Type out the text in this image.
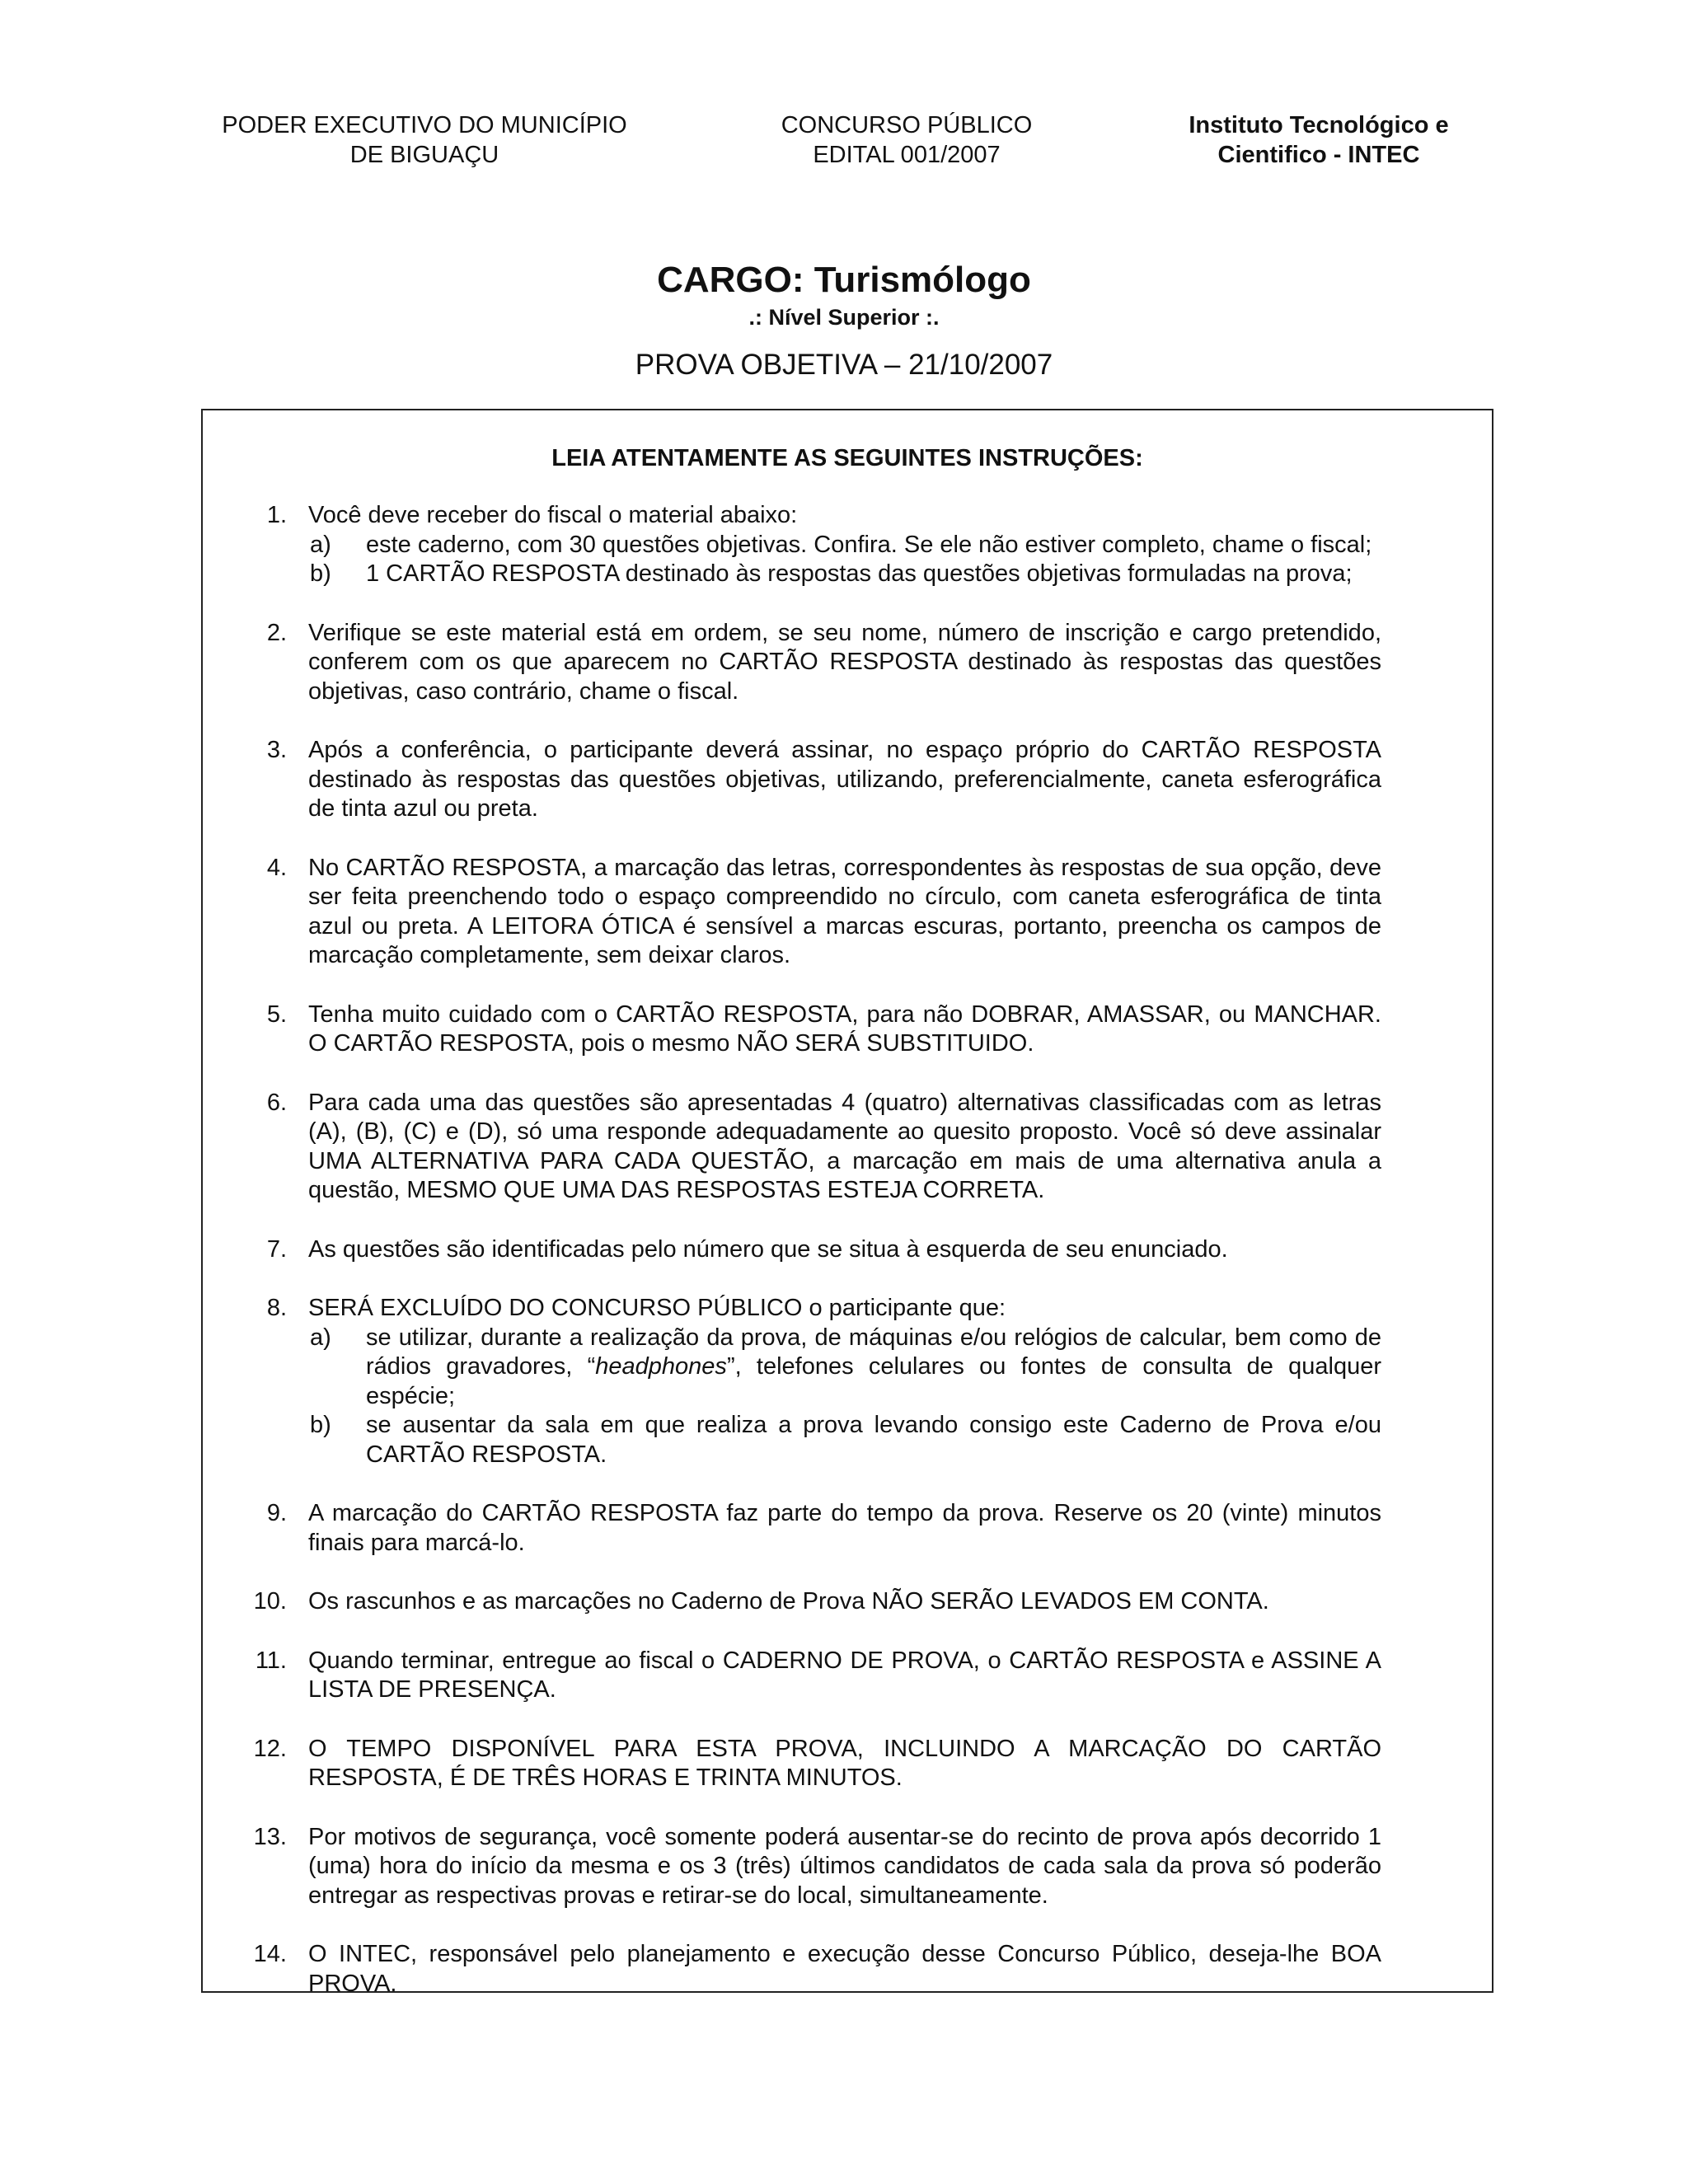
PODER EXECUTIVO DO MUNICÍPIO
DE BIGUAÇU
CONCURSO PÚBLICO
EDITAL 001/2007
Instituto Tecnológico e
Cientifico - INTEC
CARGO: Turismólogo
.: Nível Superior :.
PROVA OBJETIVA – 21/10/2007
LEIA ATENTAMENTE AS SEGUINTES INSTRUÇÕES:
1. Você deve receber do fiscal o material abaixo:
a) este caderno, com 30 questões objetivas. Confira. Se ele não estiver completo, chame o fiscal;
b) 1 CARTÃO RESPOSTA destinado às respostas das questões objetivas formuladas na prova;
2. Verifique se este material está em ordem, se seu nome, número de inscrição e cargo pretendido, conferem com os que aparecem no CARTÃO RESPOSTA destinado às respostas das questões objetivas, caso contrário, chame o fiscal.
3. Após a conferência, o participante deverá assinar, no espaço próprio do CARTÃO RESPOSTA destinado às respostas das questões objetivas, utilizando, preferencialmente, caneta esferográfica de tinta azul ou preta.
4. No CARTÃO RESPOSTA, a marcação das letras, correspondentes às respostas de sua opção, deve ser feita preenchendo todo o espaço compreendido no círculo, com caneta esferográfica de tinta azul ou preta. A LEITORA ÓTICA é sensível a marcas escuras, portanto, preencha os campos de marcação completamente, sem deixar claros.
5. Tenha muito cuidado com o CARTÃO RESPOSTA, para não DOBRAR, AMASSAR, ou MANCHAR. O CARTÃO RESPOSTA, pois o mesmo NÃO SERÁ SUBSTITUIDO.
6. Para cada uma das questões são apresentadas 4 (quatro) alternativas classificadas com as letras (A), (B), (C) e (D), só uma responde adequadamente ao quesito proposto. Você só deve assinalar UMA ALTERNATIVA PARA CADA QUESTÃO, a marcação em mais de uma alternativa anula a questão, MESMO QUE UMA DAS RESPOSTAS ESTEJA CORRETA.
7. As questões são identificadas pelo número que se situa à esquerda de seu enunciado.
8. SERÁ EXCLUÍDO DO CONCURSO PÚBLICO o participante que:
a) se utilizar, durante a realização da prova, de máquinas e/ou relógios de calcular, bem como de rádios gravadores, “headphones”, telefones celulares ou fontes de consulta de qualquer espécie;
b) se ausentar da sala em que realiza a prova levando consigo este Caderno de Prova e/ou CARTÃO RESPOSTA.
9. A marcação do CARTÃO RESPOSTA faz parte do tempo da prova. Reserve os 20 (vinte) minutos finais para marcá-lo.
10. Os rascunhos e as marcações no Caderno de Prova NÃO SERÃO LEVADOS EM CONTA.
11. Quando terminar, entregue ao fiscal o CADERNO DE PROVA, o CARTÃO RESPOSTA e ASSINE A LISTA DE PRESENÇA.
12. O TEMPO DISPONÍVEL PARA ESTA PROVA, INCLUINDO A MARCAÇÃO DO CARTÃO RESPOSTA, É DE TRÊS HORAS E TRINTA MINUTOS.
13. Por motivos de segurança, você somente poderá ausentar-se do recinto de prova após decorrido 1 (uma) hora do início da mesma e os 3 (três) últimos candidatos de cada sala da prova só poderão entregar as respectivas provas e retirar-se do local, simultaneamente.
14. O INTEC, responsável pelo planejamento e execução desse Concurso Público, deseja-lhe BOA PROVA.
